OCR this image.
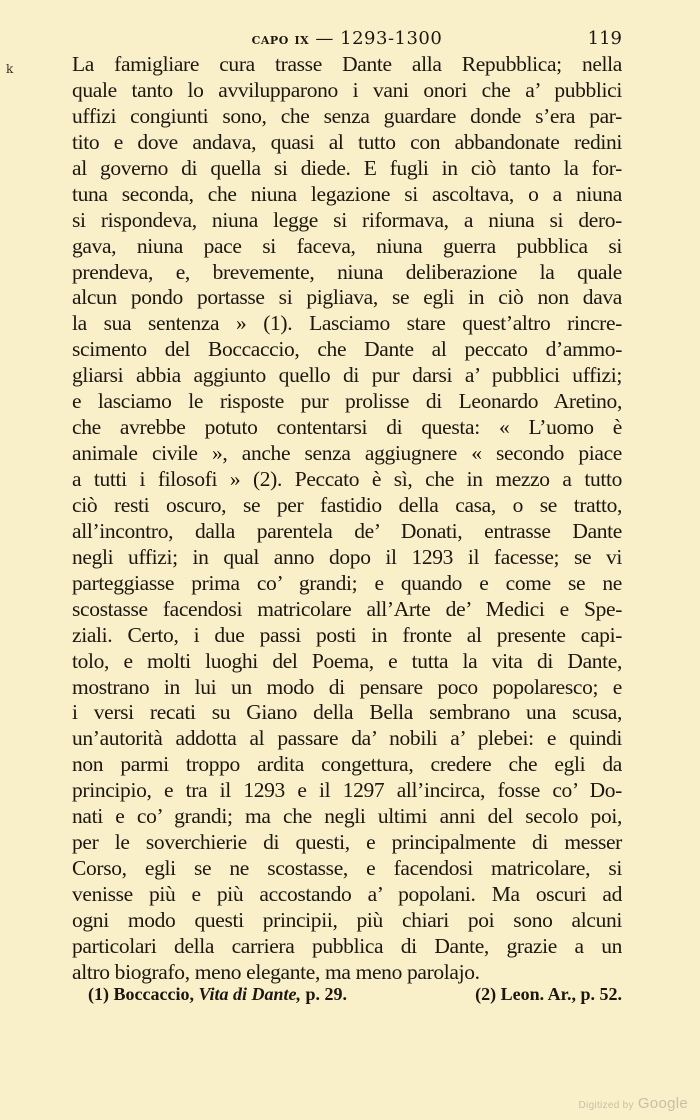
k
capo ix — 1293-1300	119
La famigliare cura trasse Dante alla Repubblica; nella
quale tanto lo avvilupparono i vani onori che a’ pubblici
uffizi congiunti sono, che senza guardare donde s’era par-
tito e dove andava, quasi al tutto con abbandonate redini
al governo di quella si diede. E fugli in ciò tanto la for-
tuna seconda, che niuna legazione si ascoltava, o a niuna
si rispondeva, niuna legge si riformava, a niuna si dero-
gava, niuna pace si faceva, niuna guerra pubblica si
prendeva, e, brevemente, niuna deliberazione la quale
alcun pondo portasse si pigliava, se egli in ciò non dava
la sua sentenza » (1). Lasciamo stare quest’altro rincre-
scimento del Boccaccio, che Dante al peccato d’ammo-
gliarsi abbia aggiunto quello di pur darsi a’ pubblici uffizi;
e lasciamo le risposte pur prolisse di Leonardo Aretino,
che avrebbe potuto contentarsi di questa: « L’uomo è
animale civile », anche senza aggiugnere « secondo piace
a tutti i filosofi » (2). Peccato è sì, che in mezzo a tutto
ciò resti oscuro, se per fastidio della casa, o se tratto,
all’incontro, dalla parentela de’ Donati, entrasse Dante
negli uffizi; in qual anno dopo il 1293 il facesse; se vi
parteggiasse prima co’ grandi; e quando e come se ne
scostasse facendosi matricolare all’Arte de’ Medici e Spe-
ziali. Certo, i due passi posti in fronte al presente capi-
tolo, e molti luoghi del Poema, e tutta la vita di Dante,
mostrano in lui un modo di pensare poco popolaresco; e
i versi recati su Giano della Bella sembrano una scusa,
un’autorità addotta al passare da’ nobili a’ plebei: e quindi
non parmi troppo ardita congettura, credere che egli da
principio, e tra il 1293 e il 1297 all’incirca, fosse co’ Do-
nati e co’ grandi; ma che negli ultimi anni del secolo poi,
per le soverchierie di questi, e principalmente di messer
Corso, egli se ne scostasse, e facendosi matricolare, si
venisse più e più accostando a’ popolani. Ma oscuri ad
ogni modo questi principii, più chiari poi sono alcuni
particolari della carriera pubblica di Dante, grazie a un
altro biografo, meno elegante, ma meno parolajo.
(1) Boccaccio, Vita di Dante, p. 29.	(2) Leon. Ar., p. 52.
Digitized by Google
